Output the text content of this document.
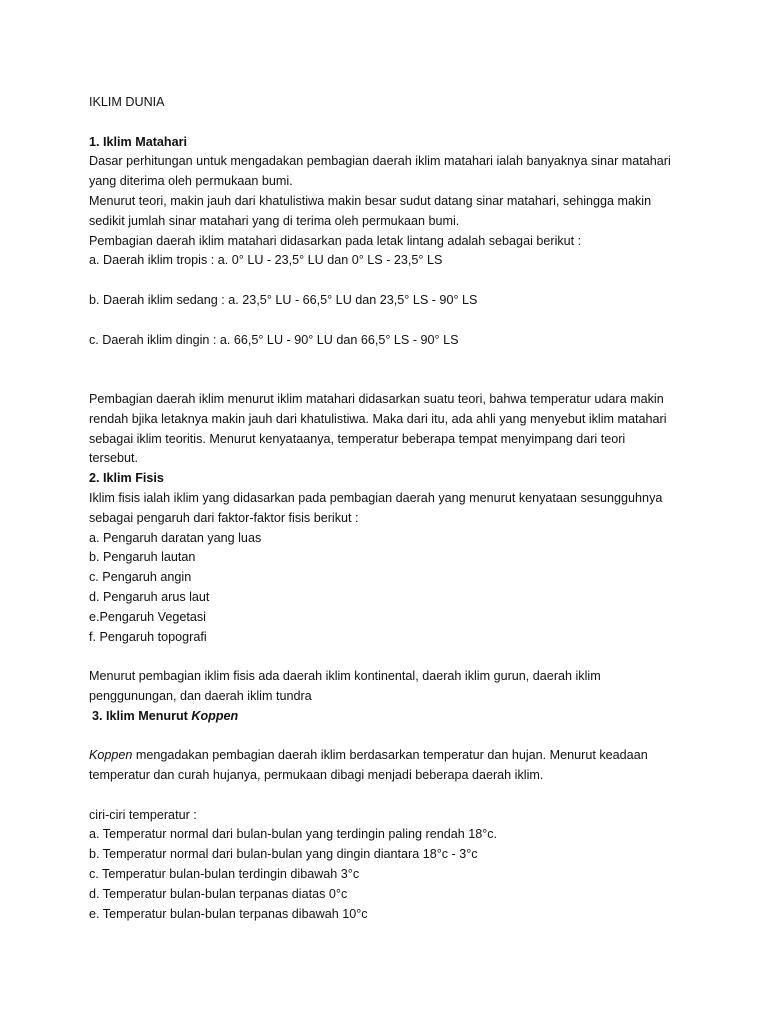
IKLIM DUNIA
1. Iklim Matahari
Dasar perhitungan untuk mengadakan pembagian daerah iklim matahari ialah banyaknya sinar matahari
yang diterima oleh permukaan bumi.
Menurut teori, makin jauh dari khatulistiwa makin besar sudut datang sinar matahari, sehingga makin
sedikit jumlah sinar matahari yang di terima oleh permukaan bumi.
Pembagian daerah iklim matahari didasarkan pada letak lintang adalah sebagai berikut :
a. Daerah iklim tropis : a. 0° LU - 23,5° LU dan 0° LS - 23,5° LS
b. Daerah iklim sedang : a. 23,5° LU - 66,5° LU dan 23,5° LS - 90° LS
c. Daerah iklim dingin : a. 66,5° LU - 90° LU dan 66,5° LS - 90° LS
Pembagian daerah iklim menurut iklim matahari didasarkan suatu teori, bahwa temperatur udara makin
rendah bjika letaknya makin jauh dari khatulistiwa. Maka dari itu, ada ahli yang menyebut iklim matahari
sebagai iklim teoritis. Menurut kenyataanya, temperatur beberapa tempat menyimpang dari teori
tersebut.
2. Iklim Fisis
Iklim fisis ialah iklim yang didasarkan pada pembagian daerah yang menurut kenyataan sesungguhnya
sebagai pengaruh dari faktor-faktor fisis berikut :
a. Pengaruh daratan yang luas
b. Pengaruh lautan
c. Pengaruh angin
d. Pengaruh arus laut
e.Pengaruh Vegetasi
f. Pengaruh topografi
Menurut pembagian iklim fisis ada daerah iklim kontinental, daerah iklim gurun, daerah iklim
penggunungan, dan daerah iklim tundra
3. Iklim Menurut Koppen
Koppen mengadakan pembagian daerah iklim berdasarkan temperatur dan hujan. Menurut keadaan
temperatur dan curah hujanya, permukaan dibagi menjadi beberapa daerah iklim.
ciri-ciri temperatur :
a. Temperatur normal dari bulan-bulan yang terdingin paling rendah 18°c.
b. Temperatur normal dari bulan-bulan yang dingin diantara 18°c - 3°c
c. Temperatur bulan-bulan terdingin dibawah 3°c
d. Temperatur bulan-bulan terpanas diatas 0°c
e. Temperatur bulan-bulan terpanas dibawah 10°c
